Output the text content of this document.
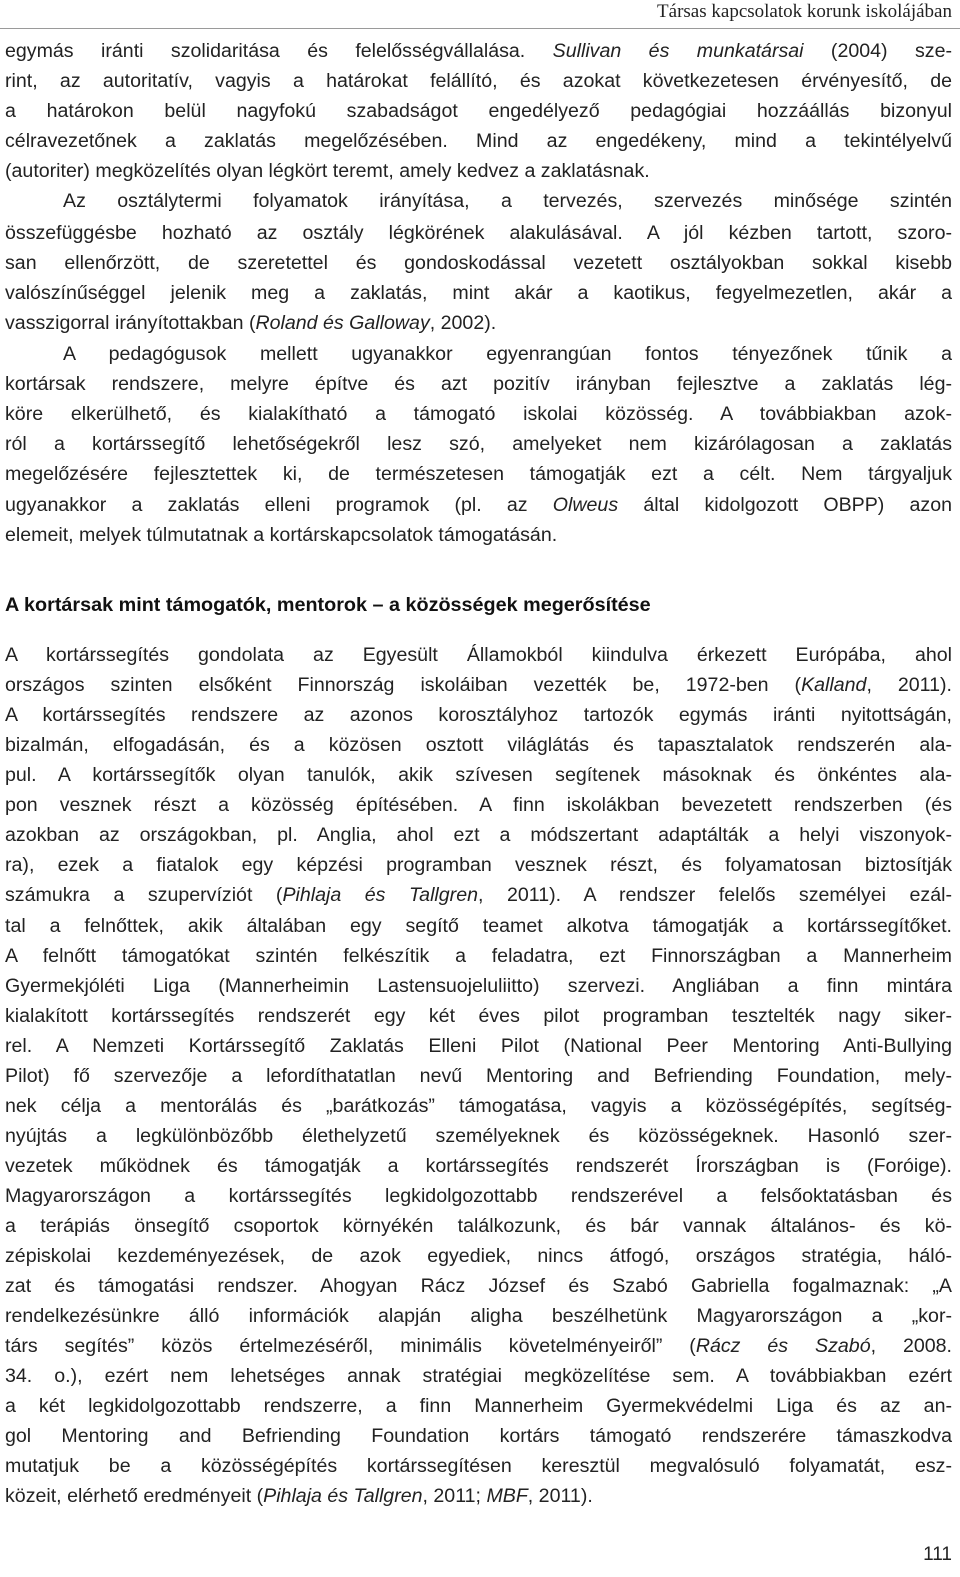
Társas kapcsolatok korunk iskolájában
egymás iránti szolidaritása és felelősségvállalása. Sullivan és munkatársai (2004) sze-
rint, az autoritatív, vagyis a határokat felállító, és azokat következetesen érvényesítő, de
a határokon belül nagyfokú szabadságot engedélyező pedagógiai hozzáállás bizonyul
célravezetőnek a zaklatás megelőzésében. Mind az engedékeny, mind a tekintélyelvű
(autoriter) megközelítés olyan légkört teremt, amely kedvez a zaklatásnak.
Az osztálytermi folyamatok irányítása, a tervezés, szervezés minősége szintén
összefüggésbe hozható az osztály légkörének alakulásával. A jól kézben tartott, szoro-
san ellenőrzött, de szeretettel és gondoskodással vezetett osztályokban sokkal kisebb
valószínűséggel jelenik meg a zaklatás, mint akár a kaotikus, fegyelmezetlen, akár a
vasszigorral irányítottakban (Roland és Galloway, 2002).
A pedagógusok mellett ugyanakkor egyenrangúan fontos tényezőnek tűnik a
kortársak rendszere, melyre építve és azt pozitív irányban fejlesztve a zaklatás lég-
köre elkerülhető, és kialakítható a támogató iskolai közösség. A továbbiakban azok-
ról a kortárssegítő lehetőségekről lesz szó, amelyeket nem kizárólagosan a zaklatás
megelőzésére fejlesztettek ki, de természetesen támogatják ezt a célt. Nem tárgyaljuk
ugyanakkor a zaklatás elleni programok (pl. az Olweus által kidolgozott OBPP) azon
elemeit, melyek túlmutatnak a kortárskapcsolatok támogatásán.
A kortárssegítés gondolata az Egyesült Államokból kiindulva érkezett Európába, ahol
országos szinten elsőként Finnország iskoláiban vezették be, 1972-ben (Kalland, 2011).
A kortárssegítés rendszere az azonos korosztályhoz tartozók egymás iránti nyitottságán,
bizalmán, elfogadásán, és a közösen osztott világlátás és tapasztalatok rendszerén ala-
pul. A kortárssegítők olyan tanulók, akik szívesen segítenek másoknak és önkéntes ala-
pon vesznek részt a közösség építésében. A finn iskolákban bevezetett rendszerben (és
azokban az országokban, pl. Anglia, ahol ezt a módszertant adaptálták a helyi viszonyok-
ra), ezek a fiatalok egy képzési programban vesznek részt, és folyamatosan biztosítják
számukra a szupervíziót (Pihlaja és Tallgren, 2011). A rendszer felelős személyei ezál-
tal a felnőttek, akik általában egy segítő teamet alkotva támogatják a kortárssegítőket.
A felnőtt támogatókat szintén felkészítik a feladatra, ezt Finnországban a Mannerheim
Gyermekjóléti Liga (Mannerheimin Lastensuojeluliitto) szervezi. Angliában a finn mintára
kialakított kortárssegítés rendszerét egy két éves pilot programban tesztelték nagy siker-
rel. A Nemzeti Kortárssegítő Zaklatás Elleni Pilot (National Peer Mentoring Anti-Bullying
Pilot) fő szervezője a lefordíthatatlan nevű Mentoring and Befriending Foundation, mely-
nek célja a mentorálás és „barátkozás” támogatása, vagyis a közösségépítés, segítség-
nyújtás a legkülönbözőbb élethelyzetű személyeknek és közösségeknek. Hasonló szer-
vezetek működnek és támogatják a kortárssegítés rendszerét Írországban is (Foróige).
Magyarországon a kortárssegítés legkidolgozottabb rendszerével a felsőoktatásban és
a terápiás önsegítő csoportok környékén találkozunk, és bár vannak általános- és kö-
zépiskolai kezdeményezések, de azok egyediek, nincs átfogó, országos stratégia, háló-
zat és támogatási rendszer. Ahogyan Rácz József és Szabó Gabriella fogalmaznak: „A
rendelkezésünkre álló információk alapján aligha beszélhetünk Magyarországon a „kor-
társ segítés” közös értelmezéséről, minimális követelményeiről” (Rácz és Szabó, 2008.
34. o.), ezért nem lehetséges annak stratégiai megközelítése sem. A továbbiakban ezért
a két legkidolgozottabb rendszerre, a finn Mannerheim Gyermekvédelmi Liga és az an-
gol Mentoring and Befriending Foundation kortárs támogató rendszerére támaszkodva
mutatjuk be a közösségépítés kortárssegítésen keresztül megvalósuló folyamatát, esz-
közeit, elérhető eredményeit (Pihlaja és Tallgren, 2011; MBF, 2011).
A kortársak mint támogatók, mentorok – a közösségek megerősítése
111
